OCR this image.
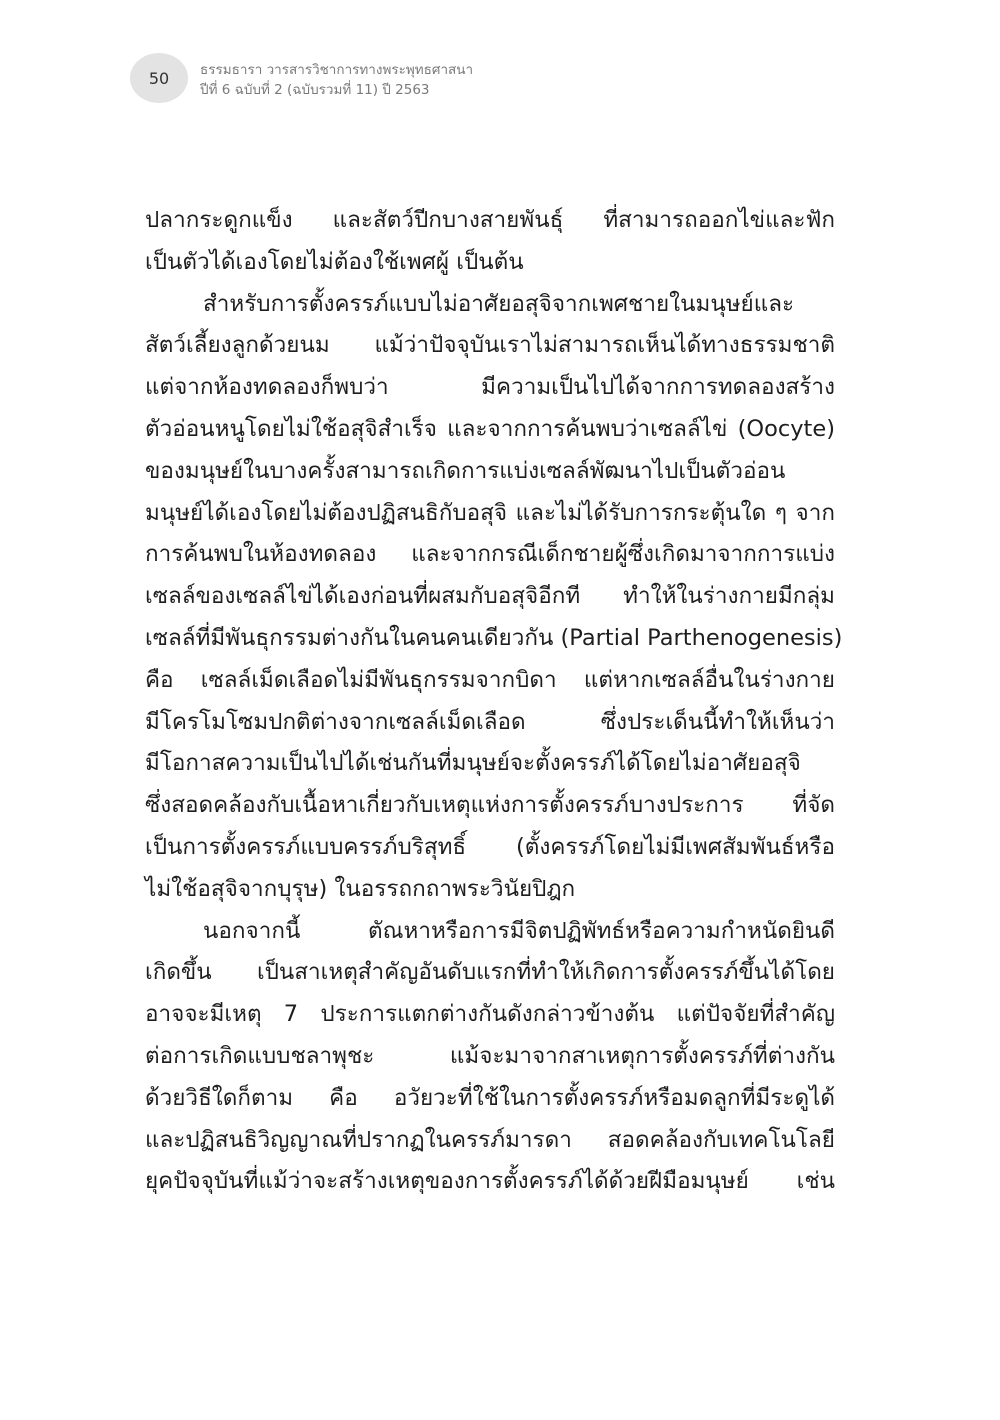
50	ธรรมธารา วารสารวิชาการทางพระพุทธศาสนา
ปีที่ 6 ฉบับที่ 2 (ฉบับรวมที่ 11) ปี 2563
ปลากระดูกแข็ง และสัตว์ปีกบางสายพันธุ์ ที่สามารถออกไข่และฟัก
เป็นตัวได้เองโดยไม่ต้องใช้เพศผู้ เป็นต้น
สำหรับการตั้งครรภ์แบบไม่อาศัยอสุจิจากเพศชายในมนุษย์และ
สัตว์เลี้ยงลูกด้วยนม แม้ว่าปัจจุบันเราไม่สามารถเห็นได้ทางธรรมชาติ
แต่จากห้องทดลองก็พบว่า มีความเป็นไปได้จากการทดลองสร้าง
ตัวอ่อนหนูโดยไม่ใช้อสุจิสำเร็จ และจากการค้นพบว่าเซลล์ไข่ (Oocyte)
ของมนุษย์ในบางครั้งสามารถเกิดการแบ่งเซลล์พัฒนาไปเป็นตัวอ่อน
มนุษย์ได้เองโดยไม่ต้องปฏิสนธิกับอสุจิ และไม่ได้รับการกระตุ้นใด ๆ จาก
การค้นพบในห้องทดลอง และจากกรณีเด็กชายผู้ซึ่งเกิดมาจากการแบ่ง
เซลล์ของเซลล์ไข่ได้เองก่อนที่ผสมกับอสุจิอีกที ทำให้ในร่างกายมีกลุ่ม
เซลล์ที่มีพันธุกรรมต่างกันในคนคนเดียวกัน (Partial Parthenogenesis)
คือ เซลล์เม็ดเลือดไม่มีพันธุกรรมจากบิดา แต่หากเซลล์อื่นในร่างกาย
มีโครโมโซมปกติต่างจากเซลล์เม็ดเลือด ซึ่งประเด็นนี้ทำให้เห็นว่า
มีโอกาสความเป็นไปได้เช่นกันที่มนุษย์จะตั้งครรภ์ได้โดยไม่อาศัยอสุจิ
ซึ่งสอดคล้องกับเนื้อหาเกี่ยวกับเหตุแห่งการตั้งครรภ์บางประการ ที่จัด
เป็นการตั้งครรภ์แบบครรภ์บริสุทธิ์ (ตั้งครรภ์โดยไม่มีเพศสัมพันธ์หรือ
ไม่ใช้อสุจิจากบุรุษ) ในอรรถกถาพระวินัยปิฎก
นอกจากนี้ ตัณหาหรือการมีจิตปฏิพัทธ์หรือความกำหนัดยินดี
เกิดขึ้น เป็นสาเหตุสำคัญอันดับแรกที่ทำให้เกิดการตั้งครรภ์ขึ้นได้โดย
อาจจะมีเหตุ 7 ประการแตกต่างกันดังกล่าวข้างต้น แต่ปัจจัยที่สำคัญ
ต่อการเกิดแบบชลาพุชะ แม้จะมาจากสาเหตุการตั้งครรภ์ที่ต่างกัน
ด้วยวิธีใดก็ตาม คือ อวัยวะที่ใช้ในการตั้งครรภ์หรือมดลูกที่มีระดูได้
และปฏิสนธิวิญญาณที่ปรากฏในครรภ์มารดา สอดคล้องกับเทคโนโลยี
ยุคปัจจุบันที่แม้ว่าจะสร้างเหตุของการตั้งครรภ์ได้ด้วยฝีมือมนุษย์ เช่น
